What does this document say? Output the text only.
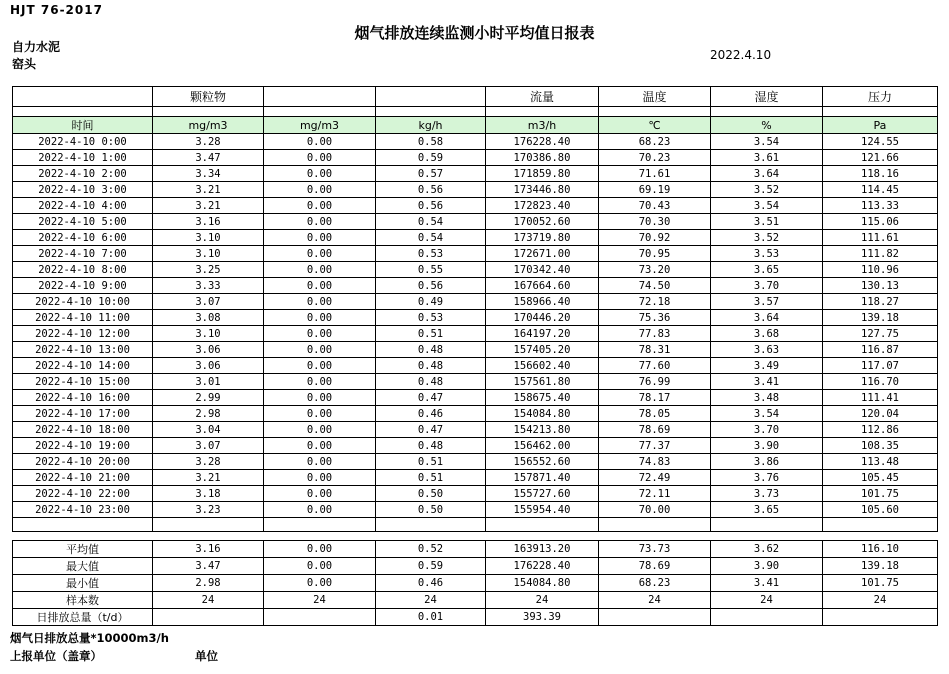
HJT 76-2017
烟气排放连续监测小时平均值日报表
自力水泥
窑头
2022.4.10
	颗粒物			流量	温度	湿度	压力

时间	mg/m3	mg/m3	kg/h	m3/h	℃	%	Pa
2022-4-10 0:00	3.28	0.00	0.58	176228.40	68.23	3.54	124.55
2022-4-10 1:00	3.47	0.00	0.59	170386.80	70.23	3.61	121.66
2022-4-10 2:00	3.34	0.00	0.57	171859.80	71.61	3.64	118.16
2022-4-10 3:00	3.21	0.00	0.56	173446.80	69.19	3.52	114.45
2022-4-10 4:00	3.21	0.00	0.56	172823.40	70.43	3.54	113.33
2022-4-10 5:00	3.16	0.00	0.54	170052.60	70.30	3.51	115.06
2022-4-10 6:00	3.10	0.00	0.54	173719.80	70.92	3.52	111.61
2022-4-10 7:00	3.10	0.00	0.53	172671.00	70.95	3.53	111.82
2022-4-10 8:00	3.25	0.00	0.55	170342.40	73.20	3.65	110.96
2022-4-10 9:00	3.33	0.00	0.56	167664.60	74.50	3.70	130.13
2022-4-10 10:00	3.07	0.00	0.49	158966.40	72.18	3.57	118.27
2022-4-10 11:00	3.08	0.00	0.53	170446.20	75.36	3.64	139.18
2022-4-10 12:00	3.10	0.00	0.51	164197.20	77.83	3.68	127.75
2022-4-10 13:00	3.06	0.00	0.48	157405.20	78.31	3.63	116.87
2022-4-10 14:00	3.06	0.00	0.48	156602.40	77.60	3.49	117.07
2022-4-10 15:00	3.01	0.00	0.48	157561.80	76.99	3.41	116.70
2022-4-10 16:00	2.99	0.00	0.47	158675.40	78.17	3.48	111.41
2022-4-10 17:00	2.98	0.00	0.46	154084.80	78.05	3.54	120.04
2022-4-10 18:00	3.04	0.00	0.47	154213.80	78.69	3.70	112.86
2022-4-10 19:00	3.07	0.00	0.48	156462.00	77.37	3.90	108.35
2022-4-10 20:00	3.28	0.00	0.51	156552.60	74.83	3.86	113.48
2022-4-10 21:00	3.21	0.00	0.51	157871.40	72.49	3.76	105.45
2022-4-10 22:00	3.18	0.00	0.50	155727.60	72.11	3.73	101.75
2022-4-10 23:00	3.23	0.00	0.50	155954.40	70.00	3.65	105.60

平均值	3.16	0.00	0.52	163913.20	73.73	3.62	116.10
最大值	3.47	0.00	0.59	176228.40	78.69	3.90	139.18
最小值	2.98	0.00	0.46	154084.80	68.23	3.41	101.75
样本数	24	24	24	24	24	24	24
日排放总量（t/d）			0.01	393.39			
烟气日排放总量*10000m3/h
上报单位（盖章）	单位
